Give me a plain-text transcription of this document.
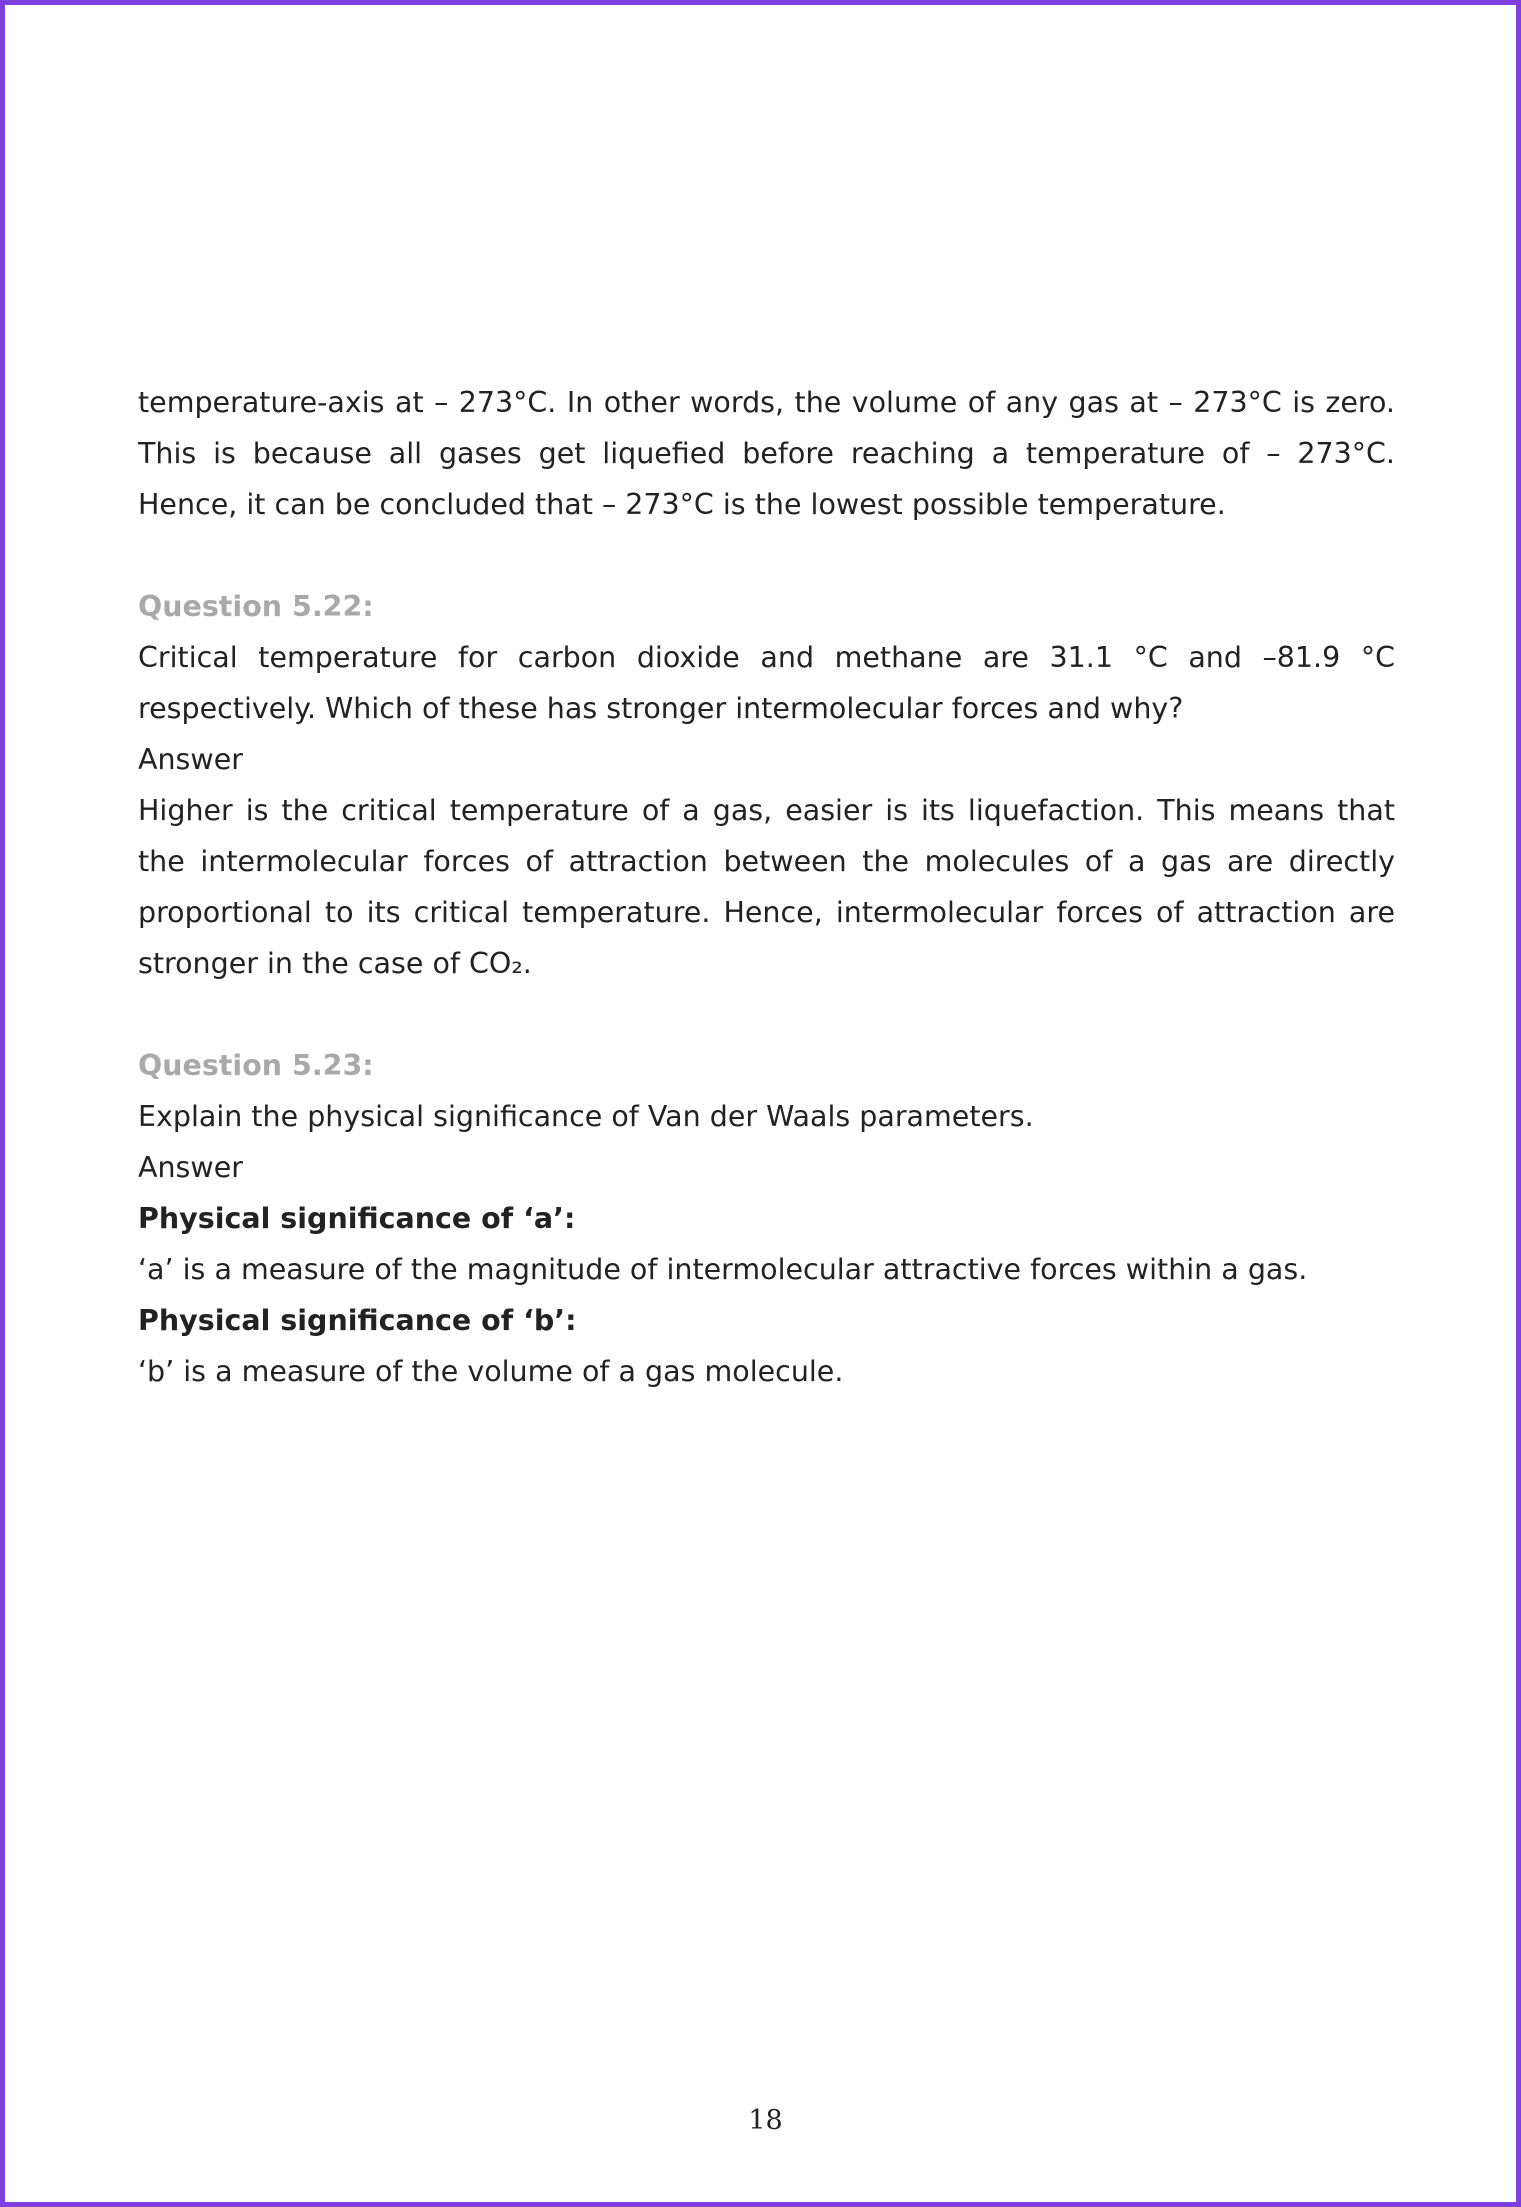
temperature-axis at – 273°C. In other words, the volume of any gas at – 273°C is zero. This is because all gases get liquefied before reaching a temperature of – 273°C. Hence, it can be concluded that – 273°C is the lowest possible temperature.

Question 5.22:

Critical temperature for carbon dioxide and methane are 31.1 °C and –81.9 °C respectively. Which of these has stronger intermolecular forces and why?

Answer

Higher is the critical temperature of a gas, easier is its liquefaction. This means that the intermolecular forces of attraction between the molecules of a gas are directly proportional to its critical temperature. Hence, intermolecular forces of attraction are stronger in the case of CO₂.

Question 5.23:

Explain the physical significance of Van der Waals parameters.

Answer

Physical significance of ‘a’:

‘a’ is a measure of the magnitude of intermolecular attractive forces within a gas.

Physical significance of ‘b’:

‘b’ is a measure of the volume of a gas molecule.

18
